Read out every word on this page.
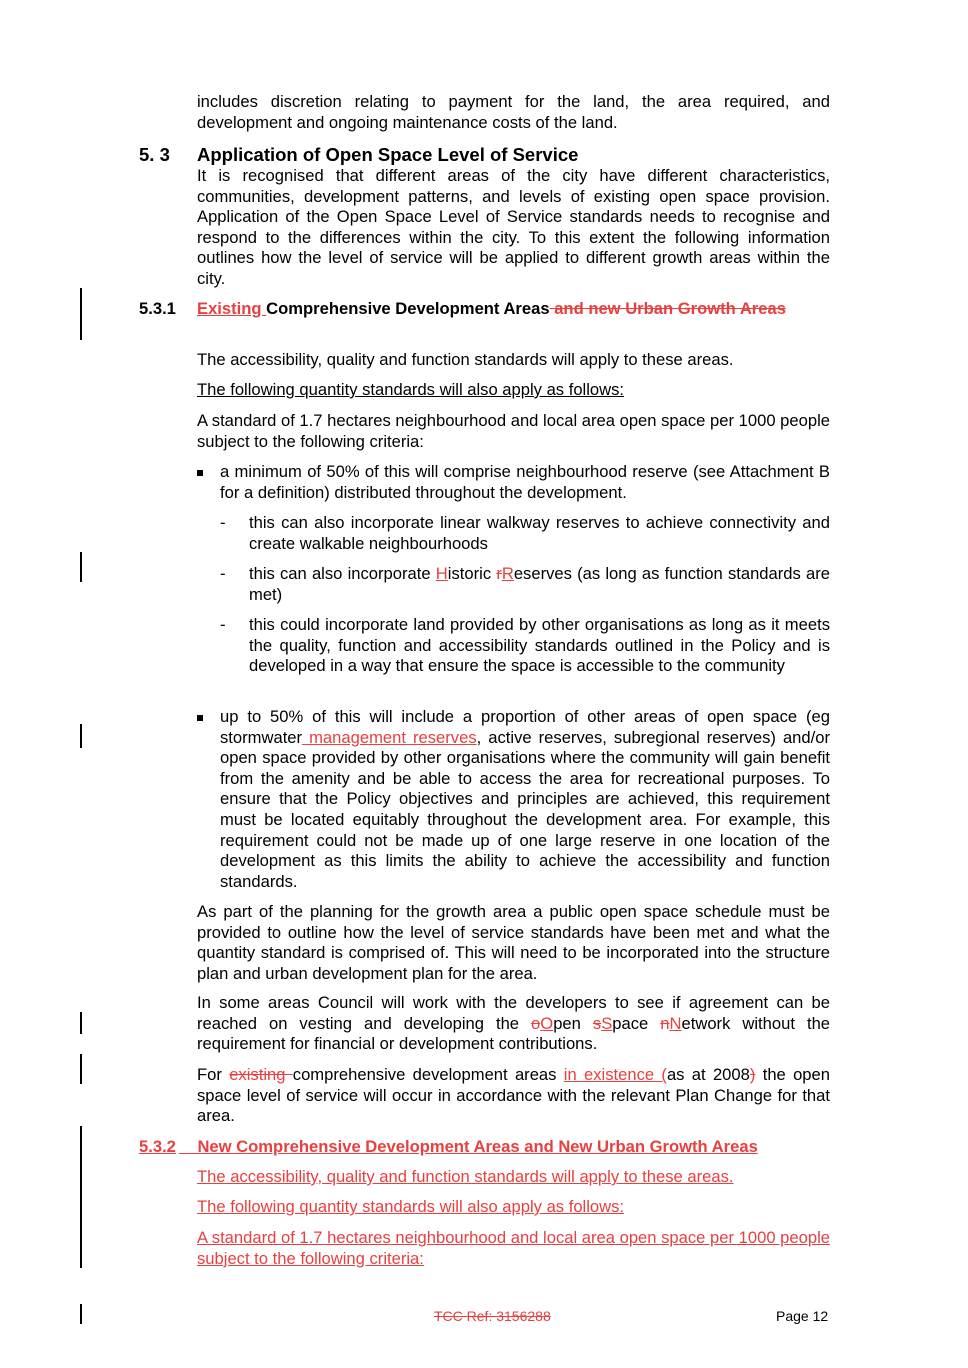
includes discretion relating to payment for the land, the area required, and development and ongoing maintenance costs of the land.
5. 3 Application of Open Space Level of Service
It is recognised that different areas of the city have different characteristics, communities, development patterns, and levels of existing open space provision. Application of the Open Space Level of Service standards needs to recognise and respond to the differences within the city. To this extent the following information outlines how the level of service will be applied to different growth areas within the city.
5.3.1 Existing Comprehensive Development Areas and new Urban Growth Areas
The accessibility, quality and function standards will apply to these areas.
The following quantity standards will also apply as follows:
A standard of 1.7 hectares neighbourhood and local area open space per 1000 people subject to the following criteria:
a minimum of 50% of this will comprise neighbourhood reserve (see Attachment B for a definition) distributed throughout the development.
- this can also incorporate linear walkway reserves to achieve connectivity and create walkable neighbourhoods
- this can also incorporate Historic rReserves (as long as function standards are met)
- this could incorporate land provided by other organisations as long as it meets the quality, function and accessibility standards outlined in the Policy and is developed in a way that ensure the space is accessible to the community
up to 50% of this will include a proportion of other areas of open space (eg stormwater management reserves, active reserves, subregional reserves) and/or open space provided by other organisations where the community will gain benefit from the amenity and be able to access the area for recreational purposes. To ensure that the Policy objectives and principles are achieved, this requirement must be located equitably throughout the development area. For example, this requirement could not be made up of one large reserve in one location of the development as this limits the ability to achieve the accessibility and function standards.
As part of the planning for the growth area a public open space schedule must be provided to outline how the level of service standards have been met and what the quantity standard is comprised of. This will need to be incorporated into the structure plan and urban development plan for the area.
In some areas Council will work with the developers to see if agreement can be reached on vesting and developing the oOpen sSpace nNetwork without the requirement for financial or development contributions.
For existing comprehensive development areas in existence (as at 2008) the open space level of service will occur in accordance with the relevant Plan Change for that area.
5.3.2	New Comprehensive Development Areas and New Urban Growth Areas
The accessibility, quality and function standards will apply to these areas.
The following quantity standards will also apply as follows:
A standard of 1.7 hectares neighbourhood and local area open space per 1000 people subject to the following criteria:
TCC Ref: 3156288	Page 12
